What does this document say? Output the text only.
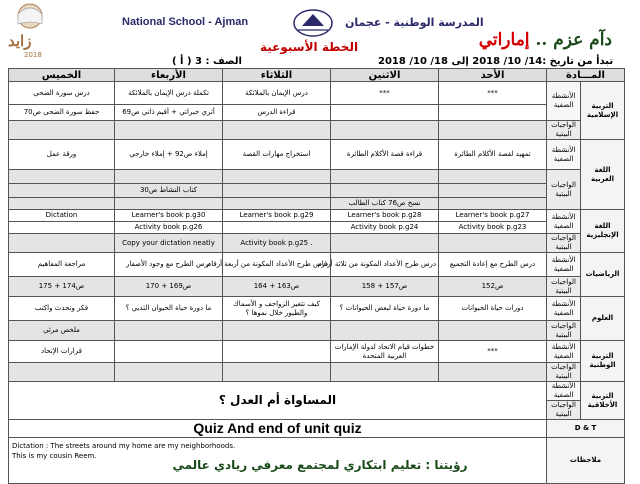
زايد
2018
National School - Ajman	المدرسة الوطنية - عجمان
دآم عزم .. إماراتي
الخطة الأسبوعية
الصف : 3 ( أ )	تبدأ من تاريخ :14/ 10/ 2018 إلى 18/ 10/ 2018
المـــادة		الأحد	الاثنين	الثلاثاء	الأربعاء	الخميس
التربية الإسلامية	الأنشطة الصفية	***	***	درس الإيمان بالملائكة	تكملة درس الإيمان بالملائكة	درس سورة الضحى
				قراءة الدرس	أثري خبراتي + أقيم ذاتي ص69	حفظ سورة الضحى ص70
	الواجبات البيتية					
اللغة العربية	الأنشطة الصفية	تمهيد لقصة الأكلام الطائرة	قراءة قصة الأكلام الطائرة	استخراج مهارات القصة	إملاء ص92 + إملاء خارجي	ورقة عمل
	الواجبات البيتية					
					كتاب النشاط ص30	
			نسخ ص76 كتاب الطالب			
اللغة الإنجليزية	الأنشطة الصفية	Learner's book p.g27	Learner's book p.g28	Learner's book p.g29	Learner's book p.g30	Dictation
		Activity book p.g23	Activity book p.g24		Activity book p.g26	
	الواجبات البيتية			. Activity book p.g25	Copy your dictation neatly	
الرياضيات	الأنشطة الصفية	درس الطرح مع إعادة التجميع	درس طرح الأعداد المكونة من ثلاثة أرقام	درس طرح الأعداد المكونة من أربعة أرقام	درس الطرح مع وجود الأصفار	مراجعة المفاهيم
	الواجبات البيتية	ص152	ص157 + 158	ص163 + 164	ص169 + 170	ص174 + 175
العلوم	الأنشطة الصفية	دورات حياة الحيوانات	ما دورة حياة لبعض الحيوانات ؟	كيف تتغير الزواحف و الأسماك والطيور خلال نموها ؟	ما دورة حياة الحيوان الثديي ؟	فكر وتحدث واكتب
	الواجبات البيتية					ملخص مرئي
التربية الوطنية	الأنشطة الصفية	***	خطوات قيام الاتحاد لدولة الإمارات العربية المتحدة			قرارات الإتحاد
	الواجبات البيتية					
التربية الأخلاقية	الأنشطة الصفية	المساواة أم العدل ؟				
	الواجبات البيتية					
D & T		Quiz And end of unit quiz				
ملاحظات		Dictation : The streets around my home are my neighborhoods.
This is my cousin Reem.				
رؤيتنا : تعليم ابتكاري لمجتمع معرفي ريادي عالمي
